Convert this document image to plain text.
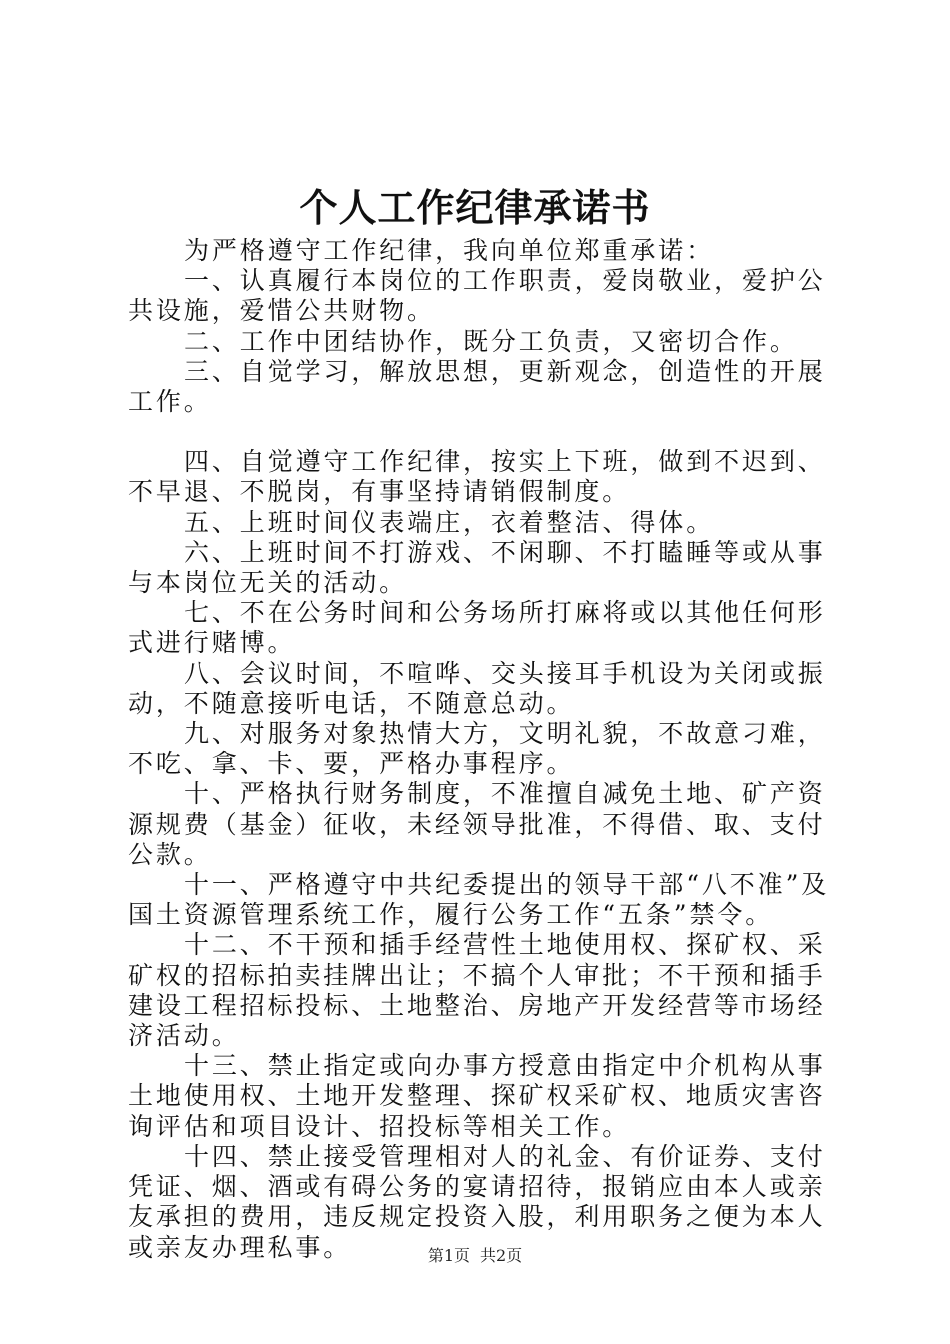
个人工作纪律承诺书

为严格遵守工作纪律，我向单位郑重承诺：

一、认真履行本岗位的工作职责，爱岗敬业，爱护公共设施，爱惜公共财物。

二、工作中团结协作，既分工负责，又密切合作。

三、自觉学习，解放思想，更新观念，创造性的开展工作。

四、自觉遵守工作纪律，按实上下班，做到不迟到、不早退、不脱岗，有事坚持请销假制度。

五、上班时间仪表端庄，衣着整洁、得体。

六、上班时间不打游戏、不闲聊、不打瞌睡等或从事与本岗位无关的活动。

七、不在公务时间和公务场所打麻将或以其他任何形式进行赌博。

八、会议时间，不喧哗、交头接耳手机设为关闭或振动，不随意接听电话，不随意总动。

九、对服务对象热情大方，文明礼貌，不故意刁难，不吃、拿、卡、要，严格办事程序。

十、严格执行财务制度，不准擅自减免土地、矿产资源规费（基金）征收，未经领导批准，不得借、取、支付公款。

十一、严格遵守中共纪委提出的领导干部“八不准”及国土资源管理系统工作，履行公务工作“五条”禁令。

十二、不干预和插手经营性土地使用权、探矿权、采矿权的招标拍卖挂牌出让；不搞个人审批；不干预和插手建设工程招标投标、土地整治、房地产开发经营等市场经济活动。

十三、禁止指定或向办事方授意由指定中介机构从事土地使用权、土地开发整理、探矿权采矿权、地质灾害咨询评估和项目设计、招投标等相关工作。

十四、禁止接受管理相对人的礼金、有价证券、支付凭证、烟、酒或有碍公务的宴请招待，报销应由本人或亲友承担的费用，违反规定投资入股，利用职务之便为本人或亲友办理私事。	第1页 共2页
